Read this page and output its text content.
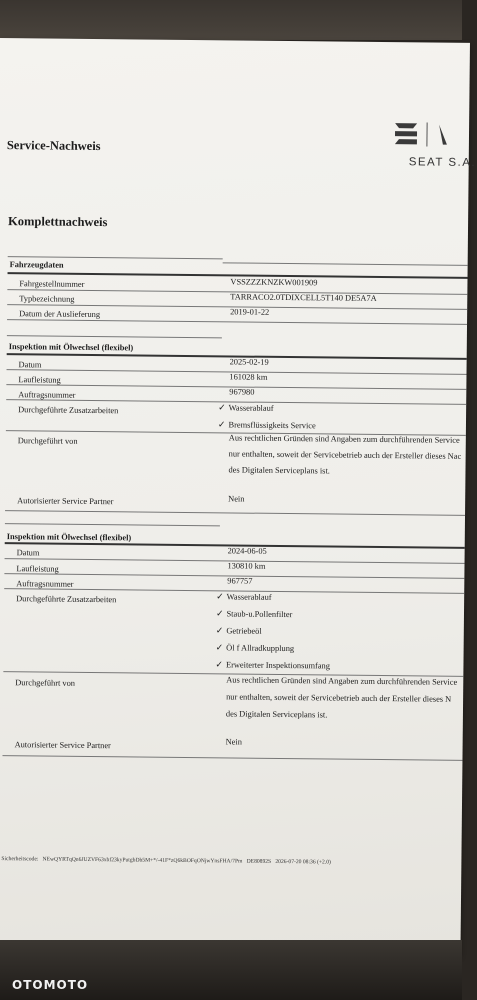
Service-Nachweis
SEAT S.A.
Komplettnachweis
Fahrzeugdaten
Fahrgestellnummer	VSSZZZKNZKW001909
Typbezeichnung	TARRACO2.0TDIXCELL5T140 DE5A7A
Datum der Auslieferung	2019-01-22
Inspektion mit Ölwechsel (flexibel)
Datum	2025-02-19
Laufleistung	161028 km
Auftragsnummer	967980
Durchgeführte Zusatzarbeiten	✓ Wasserablauf
✓ Bremsflüssigkeits Service
Durchgeführt von	Aus rechtlichen Gründen sind Angaben zum durchführenden Service
nur enthalten, soweit der Servicebetrieb auch der Ersteller dieses Nac
des Digitalen Serviceplans ist.
Autorisierter Service Partner	Nein
Inspektion mit Ölwechsel (flexibel)
Datum	2024-06-05
Laufleistung	130810 km
Auftragsnummer	967757
Durchgeführte Zusatzarbeiten	✓ Wasserablauf
✓ Staub-u.Pollenfilter
✓ Getriebeöl
✓ Öl f Allradkupplung
✓ Erweiterter Inspektionsumfang
Durchgeführt von	Aus rechtlichen Gründen sind Angaben zum durchführenden Service
nur enthalten, soweit der Servicebetrieb auch der Ersteller dieses N
des Digitalen Serviceplans ist.
Autorisierter Service Partner	Nein
Sicherheitscode: NEwQYRTqQn6JUZVF63xbf23kyPutgbDb5M+*/-41F*zQ6kBOFqONjwYnsFHA/7Pm DE80892S 2026-07-20 08:36 (+2.0)
OTOMOTO
